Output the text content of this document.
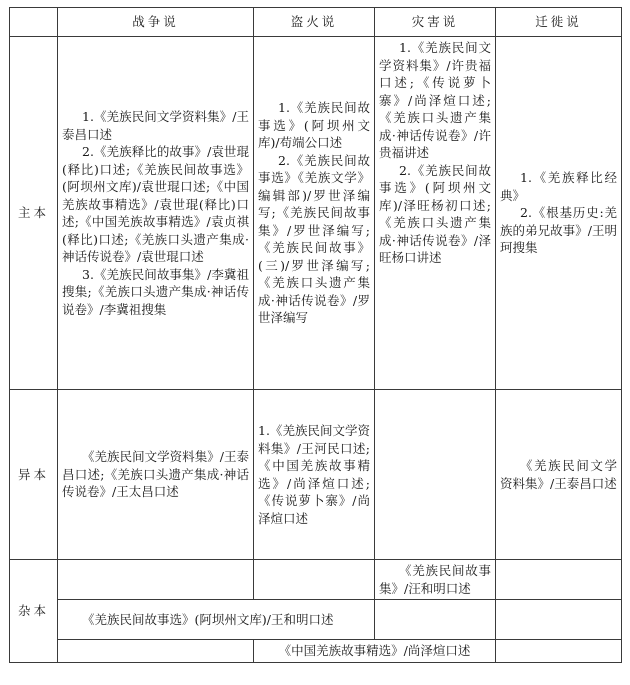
	战争说	盗火说	灾害说	迁徙说
主本	1.《羌族民间文学资料集》/王泰昌口述
2.《羌族释比的故事》/袁世琨(释比)口述;《羌族民间故事选》(阿坝州文库)/袁世琨口述;《中国羌族故事精选》/袁世琨(释比)口述;《中国羌族故事精选》/袁贞祺(释比)口述;《羌族口头遗产集成·神话传说卷》/袁世琨口述
3.《羌族民间故事集》/李冀祖搜集;《羌族口头遗产集成·神话传说卷》/李冀祖搜集	1.《羌族民间故事选》(阿坝州文库)/苟端公口述
2.《羌族民间故事选》《羌族文学》编辑部)/罗世泽编写;《羌族民间故事集》/罗世泽编写;《羌族民间故事》(三)/罗世泽编写;《羌族口头遗产集成·神话传说卷》/罗世泽编写	1.《羌族民间文学资料集》/许贵福口述;《传说萝卜寨》/尚泽煊口述;《羌族口头遗产集成·神话传说卷》/许贵福讲述
2.《羌族民间故事选》(阿坝州文库)/泽旺杨初口述;《羌族口头遗产集成·神话传说卷》/泽旺杨口讲述	1.《羌族释比经典》
2.《根基历史:羌族的弟兄故事》/王明珂搜集

异本	《羌族民间文学资料集》/王泰昌口述;《羌族口头遗产集成·神话传说卷》/王太昌口述	1.《羌族民间文学资料集》/王河民口述;《中国羌族故事精选》/尚泽煊口述;《传说萝卜寨》/尚泽煊口述		《羌族民间文学资料集》/王泰昌口述

杂本			《羌族民间故事集》/汪和明口述	

	《羌族民间故事选》(阿坝州文库)/王和明口述			

		《中国羌族故事精选》/尚泽煊口述		
